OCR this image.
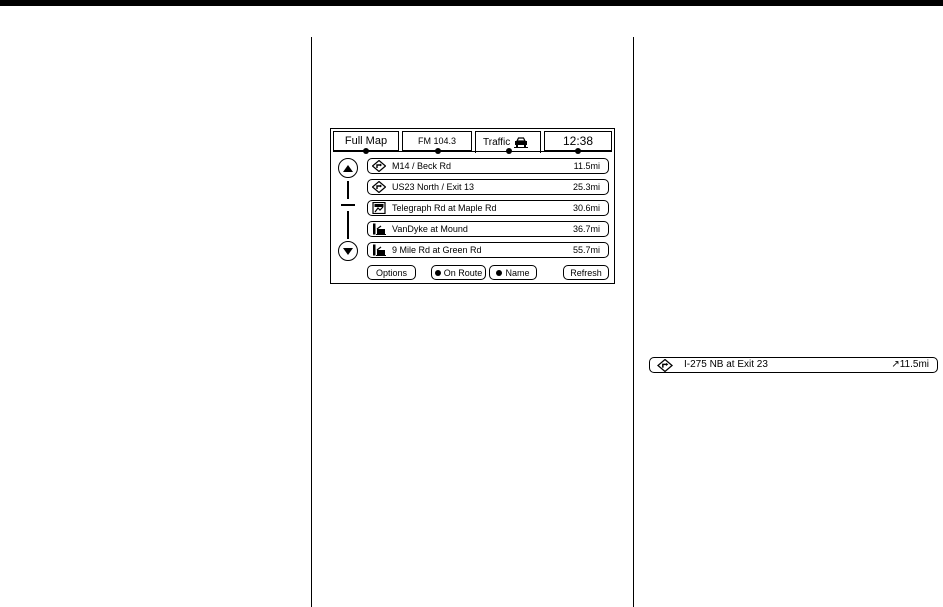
Full Map	FM 104.3	Traffic	12:38
M14 / Beck Rd	11.5mi
US23 North / Exit 13	25.3mi
Telegraph Rd at Maple Rd	30.6mi
VanDyke at Mound	36.7mi
9 Mile Rd at Green Rd	55.7mi
Options	On Route	Name	Refresh
I-275 NB at Exit 23	↗11.5mi
